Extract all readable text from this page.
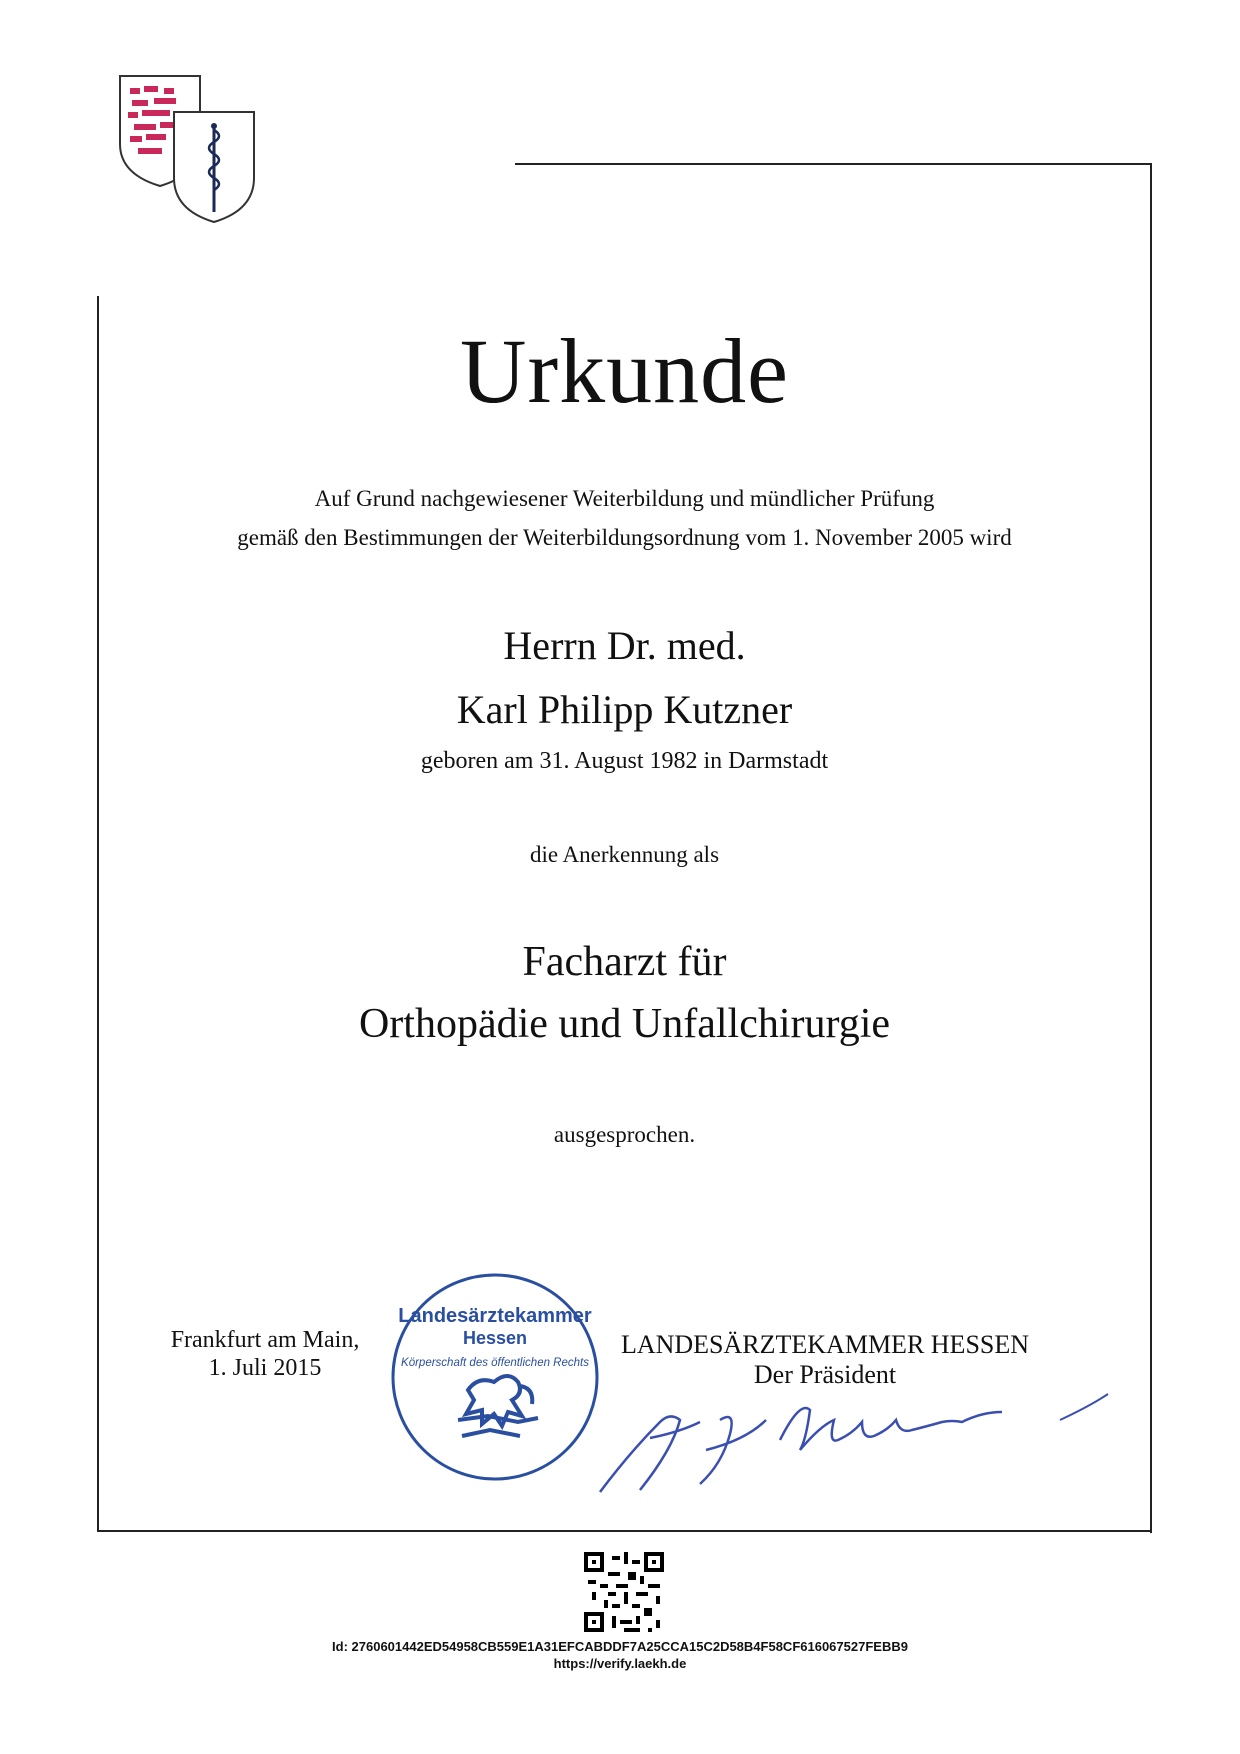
Urkunde
Auf Grund nachgewiesener Weiterbildung und mündlicher Prüfung
gemäß den Bestimmungen der Weiterbildungsordnung vom 1. November 2005 wird
Herrn Dr. med.
Karl Philipp Kutzner
geboren am 31. August 1982 in Darmstadt
die Anerkennung als
Facharzt für
Orthopädie und Unfallchirurgie
ausgesprochen.
Frankfurt am Main,
1. Juli 2015
LANDESÄRZTEKAMMER HESSEN
Der Präsident
Landesärztekammer
Hessen
Körperschaft des öffentlichen Rechts
Id: 2760601442ED54958CB559E1A31EFCABDDF7A25CCA15C2D58B4F58CF616067527FEBB9
https://verify.laekh.de
